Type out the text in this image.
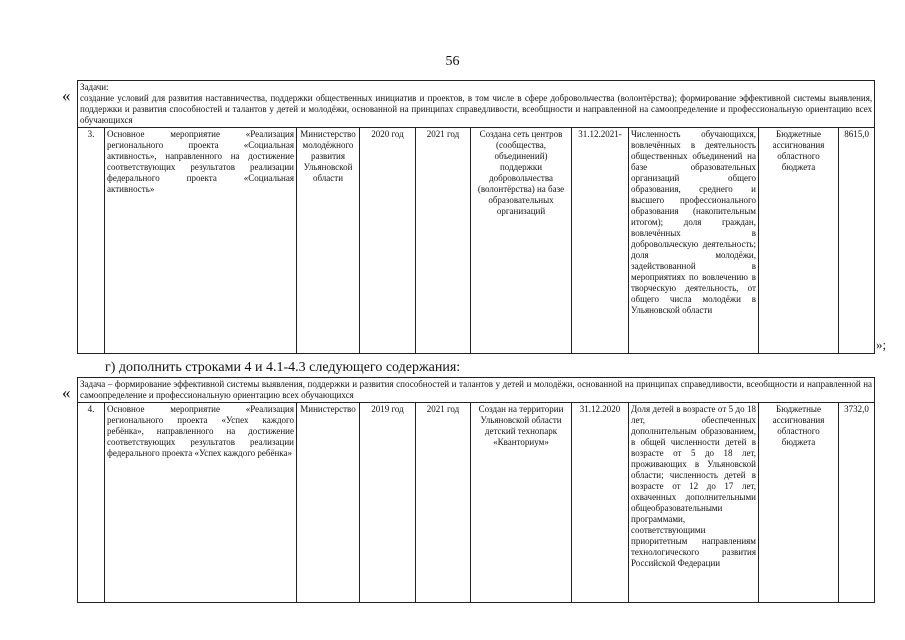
56
« Задачи:
создание условий для развития наставничества, поддержки общественных инициатив и проектов, в том числе в сфере добровольчества (волонтёрства); формирование эффективной системы выявления, поддержки и развития способностей и талантов у детей и молодёжи, основанной на принципах справедливости, всеобщности и направленной на самоопределение и профессиональную ориентацию всех обучающихся
3.	Основное мероприятие «Реализация регионального проекта «Социальная активность», направленного на достижение соответствующих результатов реализации федерального проекта «Социальная активность»	Министерство молодёжного развития Ульяновской области	2020 год	2021 год	Создана сеть центров (сообщества, объединений) поддержки добровольчества (волонтёрства) на базе образовательных организаций	31.12.2021-	Численность обучающихся, вовлечённых в деятельность общественных объединений на базе образовательных организаций общего образования, среднего и высшего профессионального образования (накопительным итогом); доля граждан, вовлечённых в добровольческую деятельность; доля молодёжи, задействованной в мероприятиях по вовлечению в творческую деятельность, от общего числа молодёжи в Ульяновской области	Бюджетные ассигнования областного бюджета	8615,0
»;
г) дополнить строками 4 и 4.1-4.3 следующего содержания:
« Задача – формирование эффективной системы выявления, поддержки и развития способностей и талантов у детей и молодёжи, основанной на принципах справедливости, всеобщности и направленной на самоопределение и профессиональную ориентацию всех обучающихся
4.	Основное мероприятие «Реализация регионального проекта «Успех каждого ребёнка», направленного на достижение соответствующих результатов реализации федерального проекта «Успех каждого ребёнка»	Министерство	2019 год	2021 год	Создан на территории Ульяновской области детский технопарк «Кванториум»	31.12.2020	Доля детей в возрасте от 5 до 18 лет, обеспеченных дополнительным образованием, в общей численности детей в возрасте от 5 до 18 лет, проживающих в Ульяновской области; численность детей в возрасте от 12 до 17 лет, охваченных дополнительными общеобразовательными программами, соответствующими приоритетным направлениям технологического развития Российской Федерации	Бюджетные ассигнования областного бюджета	3732,0
